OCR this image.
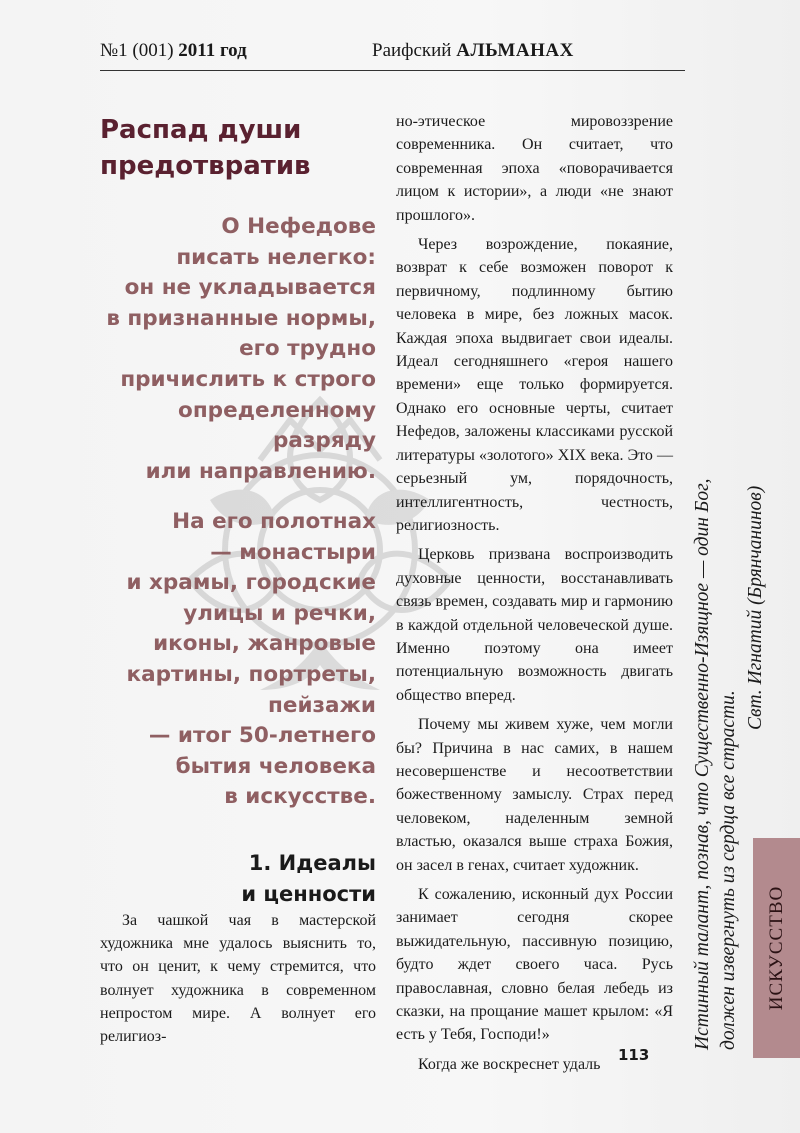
№1 (001) 2011 год	Раифский АЛЬМАНАХ
Распад души
предотвратив
О Нефедове
писать нелегко:
он не укладывается
в признанные нормы,
его трудно
причислить к строго
определенному
разряду
или направлению.
На его полотнах
— монастыри
и храмы, городские
улицы и речки,
иконы, жанровые
картины, портреты,
пейзажи
— итог 50-летнего
бытия человека
в искусстве.
1. Идеалы
и ценности

За чашкой чая в мастерской художника мне удалось выяснить то, что он ценит, к чему стремится, что волнует художника в современном непростом мире. А волнует его религиоз-

но-этическое мировоззрение современника. Он считает, что современная эпоха «поворачивается лицом к истории», а люди «не знают прошлого».

Через возрождение, покаяние, возврат к себе возможен поворот к первичному, подлинному бытию человека в мире, без ложных масок. Каждая эпоха выдвигает свои идеалы. Идеал сегодняшнего «героя нашего времени» еще только формируется. Однако его основные черты, считает Нефедов, заложены классиками русской литературы «золотого» XIX века. Это — серьезный ум, порядочность, интеллигентность, честность, религиозность.

Церковь призвана воспроизводить духовные ценности, восстанавливать связь времен, создавать мир и гармонию в каждой отдельной человеческой душе. Именно поэтому она имеет потенциальную возможность двигать общество вперед.

Почему мы живем хуже, чем могли бы? Причина в нас самих, в нашем несовершенстве и несоответствии божественному замыслу. Страх перед человеком, наделенным земной властью, оказался выше страха Божия, он засел в генах, считает художник.

К сожалению, исконный дух России занимает сегодня скорее выжидательную, пассивную позицию, будто ждет своего часа. Русь православная, словно белая лебедь из сказки, на прощание машет крылом: «Я есть у Тебя, Господи!»

Когда же воскреснет удаль

113
Истинный талант, познав, что Существенно-Изящное — один Бог, должен извергнуть из сердца все страсти.
Свт. Игнатий (Брянчанинов)
ИСКУССТВО
